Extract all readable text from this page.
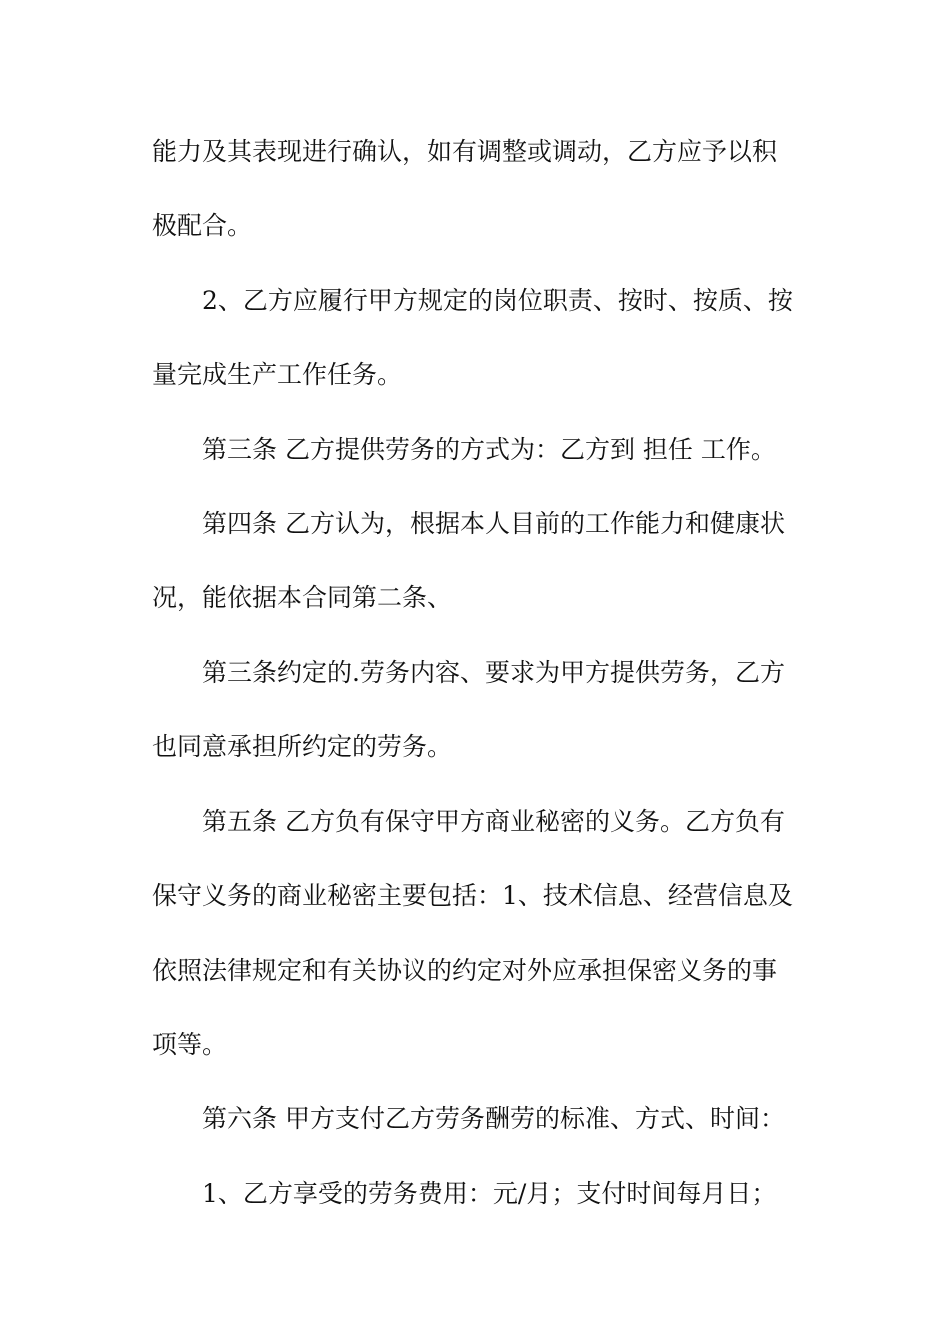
能力及其表现进行确认，如有调整或调动，乙方应予以积
极配合。
2、乙方应履行甲方规定的岗位职责、按时、按质、按
量完成生产工作任务。
第三条 乙方提供劳务的方式为：乙方到 担任 工作。
第四条 乙方认为，根据本人目前的工作能力和健康状
况，能依据本合同第二条、
第三条约定的.劳务内容、要求为甲方提供劳务，乙方
也同意承担所约定的劳务。
第五条 乙方负有保守甲方商业秘密的义务。乙方负有
保守义务的商业秘密主要包括：1、技术信息、经营信息及
依照法律规定和有关协议的约定对外应承担保密义务的事
项等。
第六条 甲方支付乙方劳务酬劳的标准、方式、时间：
1、乙方享受的劳务费用：元/月；支付时间每月日；
